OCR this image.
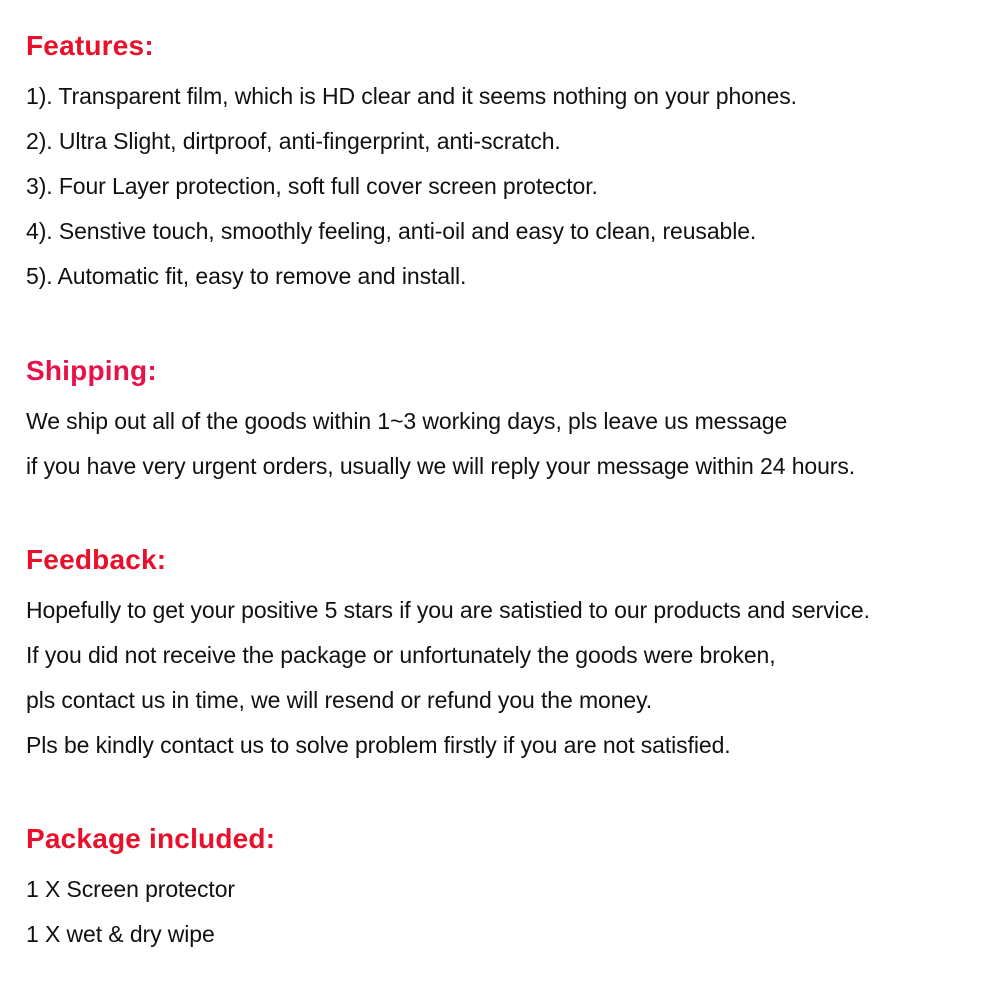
Features:
1). Transparent film, which is HD clear and it seems nothing on your phones.
2). Ultra Slight, dirtproof, anti-fingerprint, anti-scratch.
3). Four Layer protection, soft full cover screen protector.
4). Senstive touch, smoothly feeling, anti-oil and easy to clean, reusable.
5). Automatic fit, easy to remove and install.
Shipping:
We ship out all of the goods within 1~3 working days, pls leave us message
if you have very urgent orders, usually we will reply your message within 24 hours.
Feedback:
Hopefully to get your positive 5 stars if you are satistied to our products and service.
If you did not receive the package or unfortunately the goods were broken,
pls contact us in time, we will resend or refund you the money.
Pls be kindly contact us to solve problem firstly if you are not satisfied.
Package included:
1 X Screen protector
1 X wet & dry wipe
